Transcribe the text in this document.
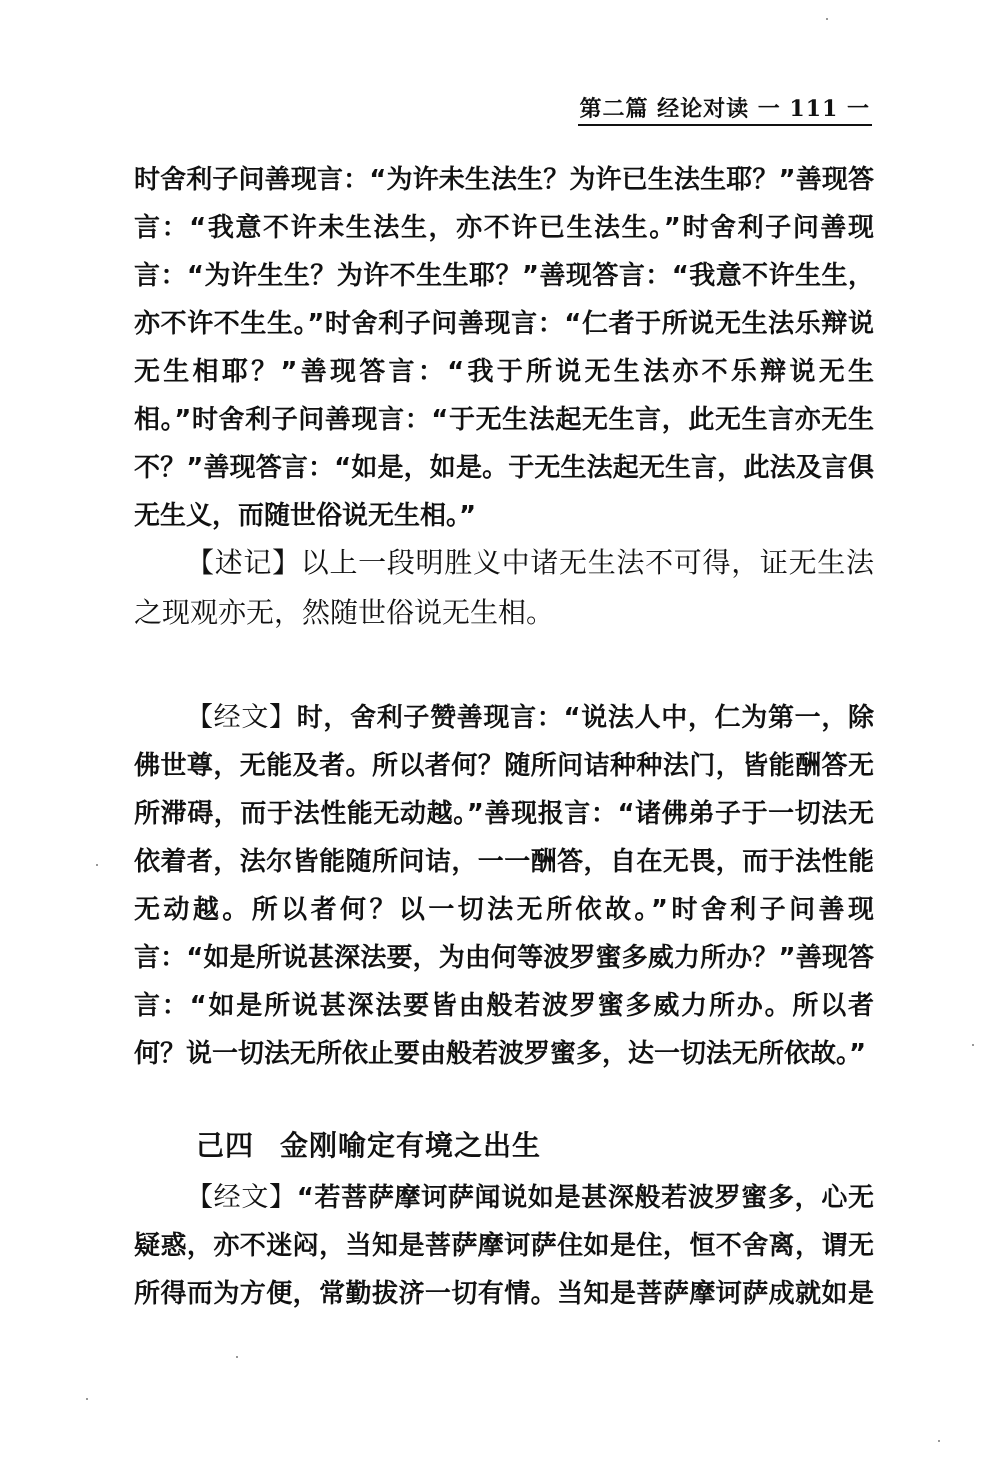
第二篇 经论对读 一 111 一

时舍利子问善现言：“为许未生法生？为许已生法生耶？”善现答言：“我意不许未生法生，亦不许已生法生。”时舍利子问善现言：“为许生生？为许不生生耶？”善现答言：“我意不许生生，亦不许不生生。”时舍利子问善现言：“仁者于所说无生法乐辩说无生相耶？”善现答言：“我于所说无生法亦不乐辩说无生相。”时舍利子问善现言：“于无生法起无生言，此无生言亦无生不？”善现答言：“如是，如是。于无生法起无生言，此法及言俱无生义，而随世俗说无生相。”

【述记】以上一段明胜义中诸无生法不可得，证无生法之现观亦无，然随世俗说无生相。

【经文】时，舍利子赞善现言：“说法人中，仁为第一，除佛世尊，无能及者。所以者何？随所问诘种种法门，皆能酬答无所滞碍，而于法性能无动越。”善现报言：“诸佛弟子于一切法无依着者，法尔皆能随所问诘，一一酬答，自在无畏，而于法性能无动越。所以者何？以一切法无所依故。”时舍利子问善现言：“如是所说甚深法要，为由何等波罗蜜多威力所办？”善现答言：“如是所说甚深法要皆由般若波罗蜜多威力所办。所以者何？说一切法无所依止要由般若波罗蜜多，达一切法无所依故。”

己四 金刚喻定有境之出生

【经文】“若菩萨摩诃萨闻说如是甚深般若波罗蜜多，心无疑惑，亦不迷闷，当知是菩萨摩诃萨住如是住，恒不舍离，谓无所得而为方便，常勤拔济一切有情。当知是菩萨摩诃萨成就如是
